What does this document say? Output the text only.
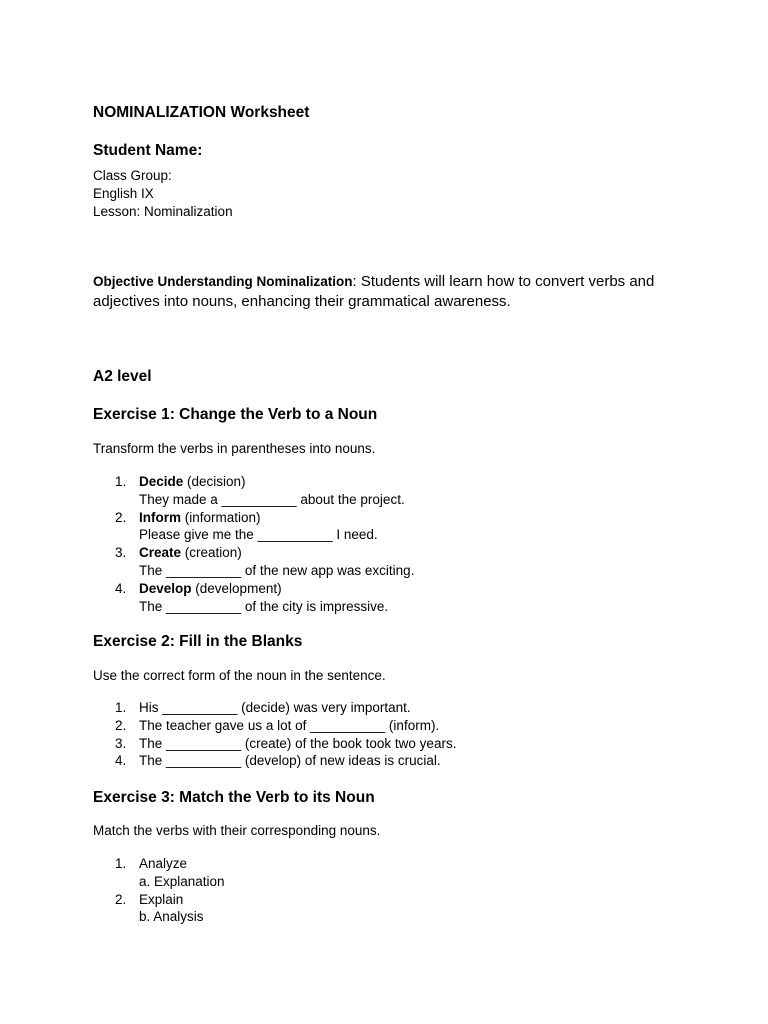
NOMINALIZATION Worksheet
Student Name:
Class Group:
English IX
Lesson: Nominalization
Objective Understanding Nominalization: Students will learn how to convert verbs and adjectives into nouns, enhancing their grammatical awareness.
A2 level
Exercise 1: Change the Verb to a Noun
Transform the verbs in parentheses into nouns.
1. Decide (decision)
They made a __________ about the project.
2. Inform (information)
Please give me the __________ I need.
3. Create (creation)
The __________ of the new app was exciting.
4. Develop (development)
The __________ of the city is impressive.
Exercise 2: Fill in the Blanks
Use the correct form of the noun in the sentence.
1. His __________ (decide) was very important.
2. The teacher gave us a lot of __________ (inform).
3. The __________ (create) of the book took two years.
4. The __________ (develop) of new ideas is crucial.
Exercise 3: Match the Verb to its Noun
Match the verbs with their corresponding nouns.
1. Analyze
a. Explanation
2. Explain
b. Analysis
